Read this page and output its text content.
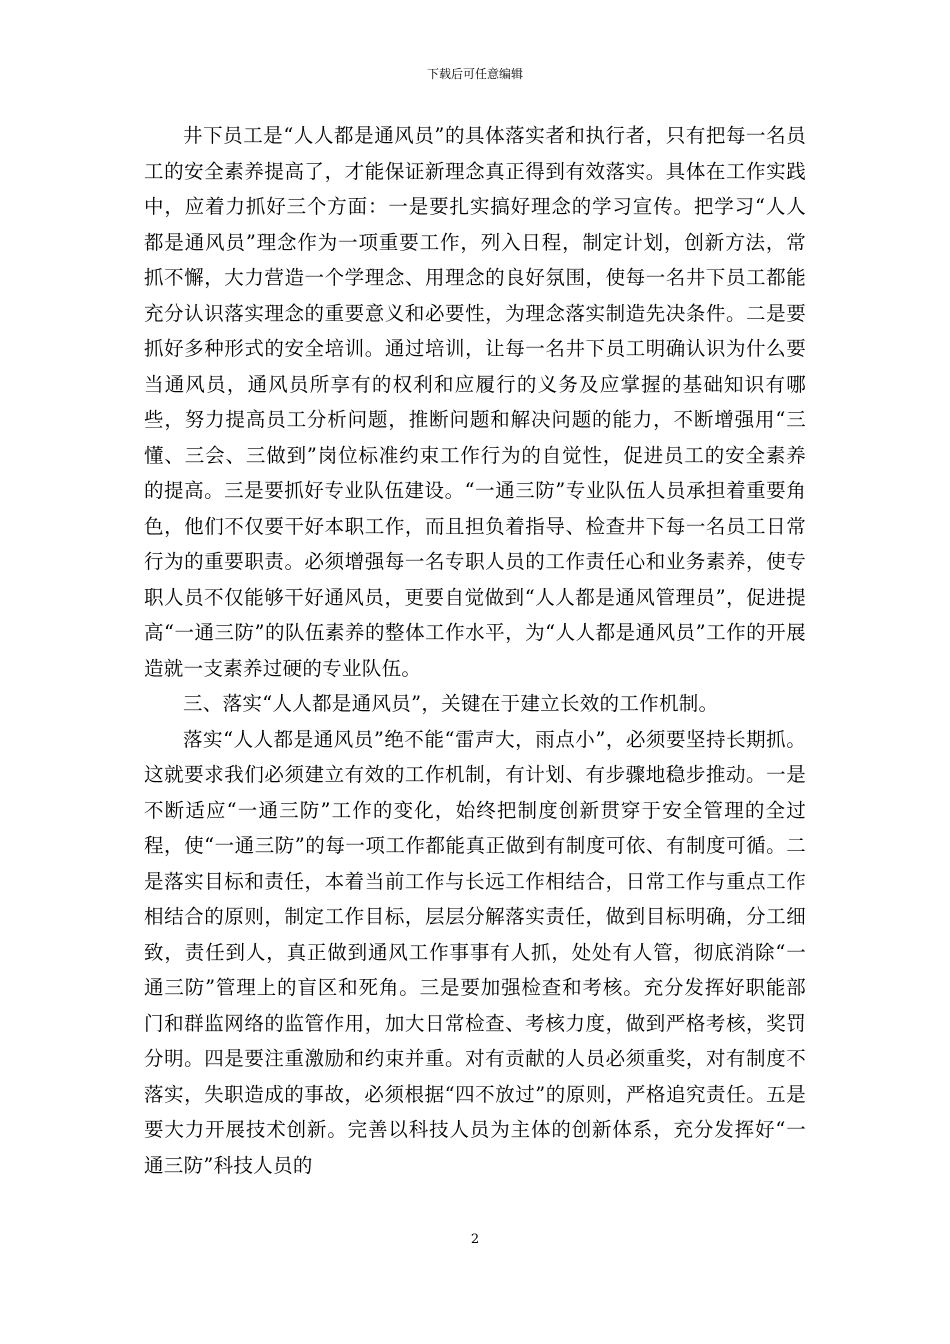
下载后可任意编辑

井下员工是“人人都是通风员”的具体落实者和执行者，只有把每一名员工的安全素养提高了，才能保证新理念真正得到有效落实。具体在工作实践中，应着力抓好三个方面：一是要扎实搞好理念的学习宣传。把学习“人人都是通风员”理念作为一项重要工作，列入日程，制定计划，创新方法，常抓不懈，大力营造一个学理念、用理念的良好氛围，使每一名井下员工都能充分认识落实理念的重要意义和必要性，为理念落实制造先决条件。二是要抓好多种形式的安全培训。通过培训，让每一名井下员工明确认识为什么要当通风员，通风员所享有的权利和应履行的义务及应掌握的基础知识有哪些，努力提高员工分析问题，推断问题和解决问题的能力，不断增强用“三懂、三会、三做到”岗位标准约束工作行为的自觉性，促进员工的安全素养的提高。三是要抓好专业队伍建设。“一通三防”专业队伍人员承担着重要角色，他们不仅要干好本职工作，而且担负着指导、检查井下每一名员工日常行为的重要职责。必须增强每一名专职人员的工作责任心和业务素养，使专职人员不仅能够干好通风员，更要自觉做到“人人都是通风管理员”，促进提高“一通三防”的队伍素养的整体工作水平，为“人人都是通风员”工作的开展造就一支素养过硬的专业队伍。

三、落实“人人都是通风员”，关键在于建立长效的工作机制。

落实“人人都是通风员”绝不能“雷声大，雨点小”，必须要坚持长期抓。这就要求我们必须建立有效的工作机制，有计划、有步骤地稳步推动。一是不断适应“一通三防”工作的变化，始终把制度创新贯穿于安全管理的全过程，使“一通三防”的每一项工作都能真正做到有制度可依、有制度可循。二是落实目标和责任，本着当前工作与长远工作相结合，日常工作与重点工作相结合的原则，制定工作目标，层层分解落实责任，做到目标明确，分工细致，责任到人，真正做到通风工作事事有人抓，处处有人管，彻底消除“一通三防”管理上的盲区和死角。三是要加强检查和考核。充分发挥好职能部门和群监网络的监管作用，加大日常检查、考核力度，做到严格考核，奖罚分明。四是要注重激励和约束并重。对有贡献的人员必须重奖，对有制度不落实，失职造成的事故，必须根据“四不放过”的原则，严格追究责任。五是要大力开展技术创新。完善以科技人员为主体的创新体系，充分发挥好“一通三防”科技人员的

2
